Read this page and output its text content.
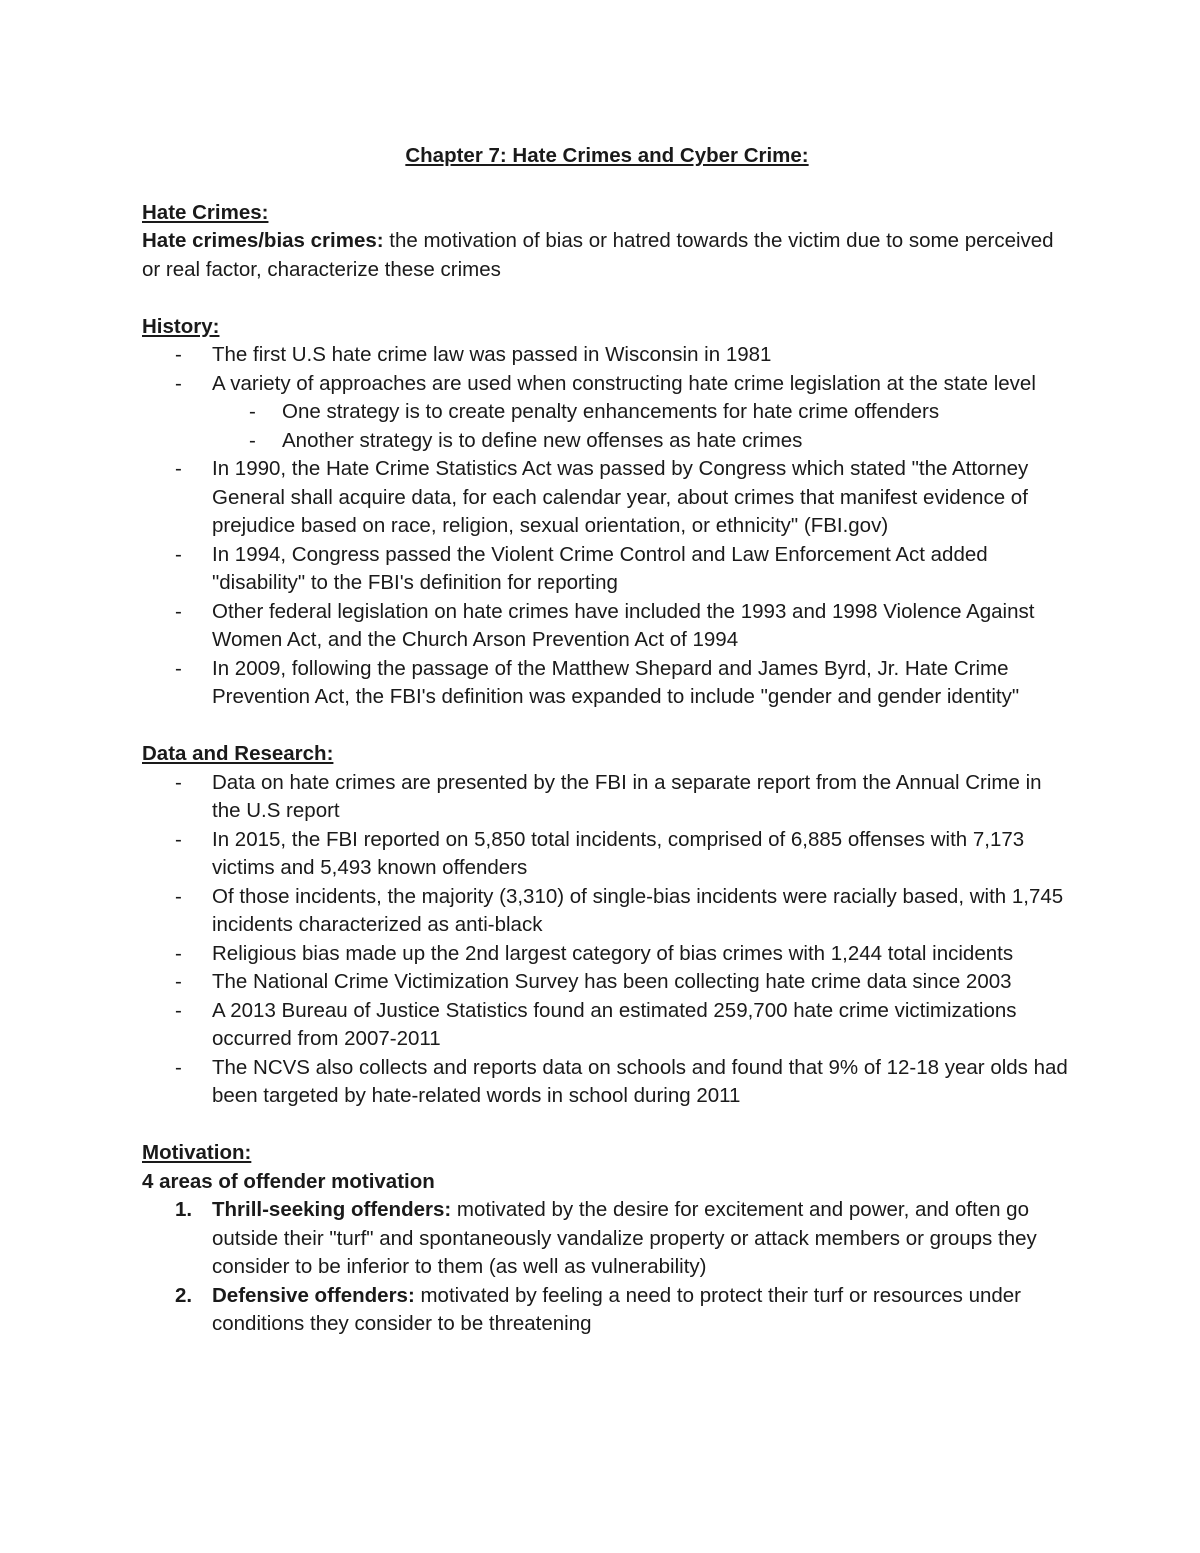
Chapter 7: Hate Crimes and Cyber Crime:
Hate Crimes:

Hate crimes/bias crimes: the motivation of bias or hatred towards the victim due to some perceived or real factor, characterize these crimes

History:
- The first U.S hate crime law was passed in Wisconsin in 1981
- A variety of approaches are used when constructing hate crime legislation at the state level
- One strategy is to create penalty enhancements for hate crime offenders
- Another strategy is to define new offenses as hate crimes
- In 1990, the Hate Crime Statistics Act was passed by Congress which stated "the Attorney General shall acquire data, for each calendar year, about crimes that manifest evidence of prejudice based on race, religion, sexual orientation, or ethnicity" (FBI.gov)
- In 1994, Congress passed the Violent Crime Control and Law Enforcement Act added "disability" to the FBI's definition for reporting
- Other federal legislation on hate crimes have included the 1993 and 1998 Violence Against Women Act, and the Church Arson Prevention Act of 1994
- In 2009, following the passage of the Matthew Shepard and James Byrd, Jr. Hate Crime Prevention Act, the FBI's definition was expanded to include "gender and gender identity"
Data and Research:
- Data on hate crimes are presented by the FBI in a separate report from the Annual Crime in the U.S report
- In 2015, the FBI reported on 5,850 total incidents, comprised of 6,885 offenses with 7,173 victims and 5,493 known offenders
- Of those incidents, the majority (3,310) of single-bias incidents were racially based, with 1,745 incidents characterized as anti-black
- Religious bias made up the 2nd largest category of bias crimes with 1,244 total incidents
- The National Crime Victimization Survey has been collecting hate crime data since 2003
- A 2013 Bureau of Justice Statistics found an estimated 259,700 hate crime victimizations occurred from 2007-2011
- The NCVS also collects and reports data on schools and found that 9% of 12-18 year olds had been targeted by hate-related words in school during 2011
Motivation:
4 areas of offender motivation
1. Thrill-seeking offenders: motivated by the desire for excitement and power, and often go outside their "turf" and spontaneously vandalize property or attack members or groups they consider to be inferior to them (as well as vulnerability)
2. Defensive offenders: motivated by feeling a need to protect their turf or resources under conditions they consider to be threatening
